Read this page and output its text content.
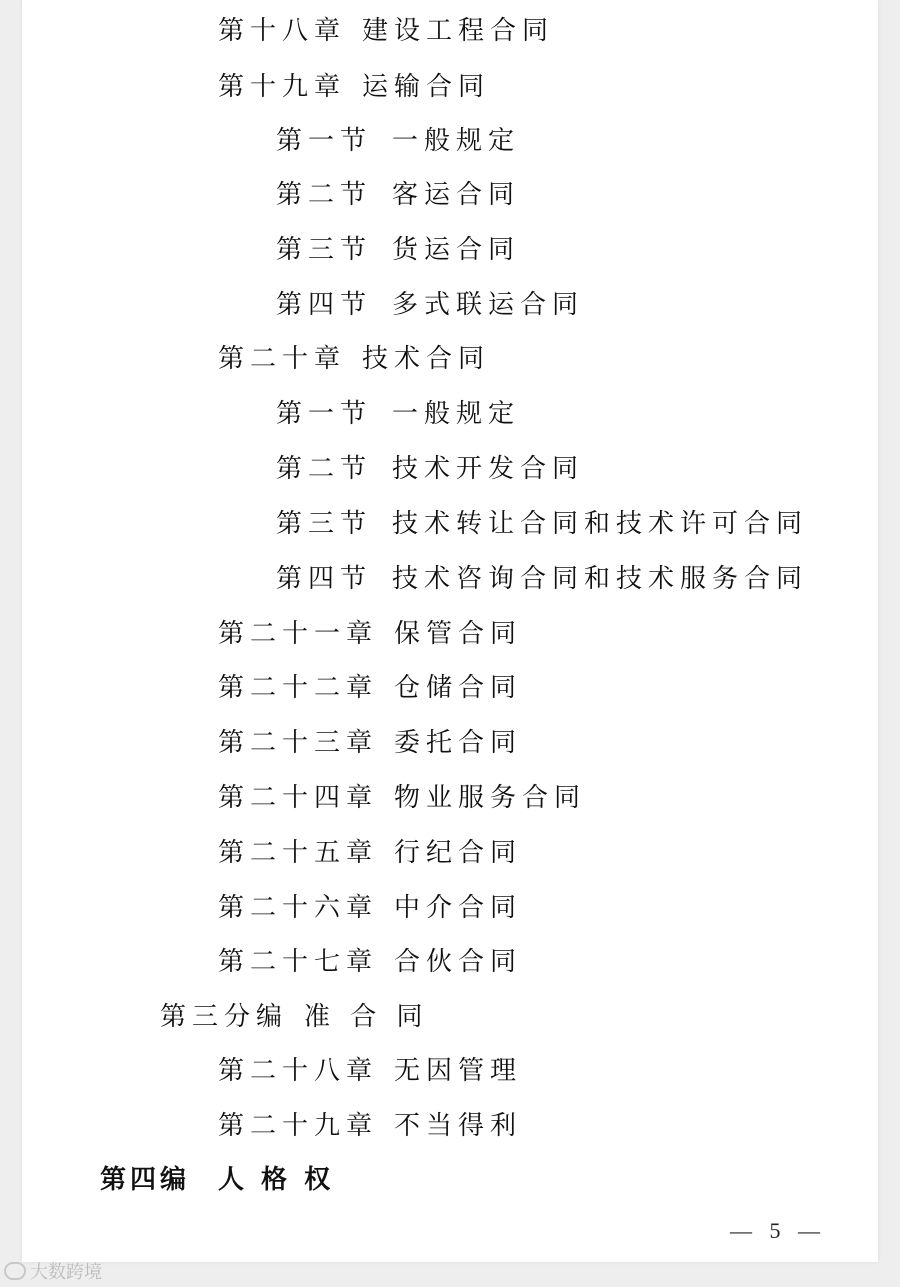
第十八章 建设工程合同
第十九章 运输合同
第一节 一般规定
第二节 客运合同
第三节 货运合同
第四节 多式联运合同
第二十章 技术合同
第一节 一般规定
第二节 技术开发合同
第三节 技术转让合同和技术许可合同
第四节 技术咨询合同和技术服务合同
第二十一章 保管合同
第二十二章 仓储合同
第二十三章 委托合同
第二十四章 物业服务合同
第二十五章 行纪合同
第二十六章 中介合同
第二十七章 合伙合同
第三分编 准 合 同
第二十八章 无因管理
第二十九章 不当得利
第四编 人 格 权
— 5 —
大数跨境
